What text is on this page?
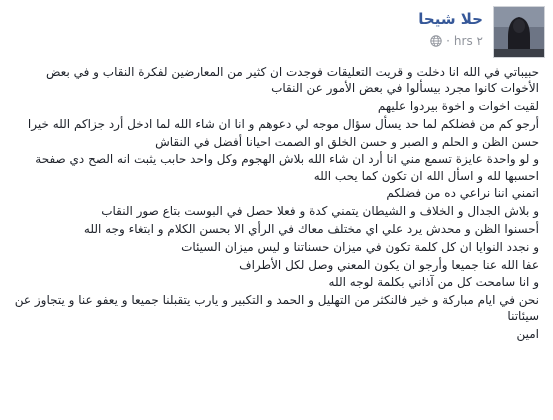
حلا شيحا
٢ hrs
·

حبيباتي في الله انا دخلت و قريت التعليقات فوجدت ان كثير من المعارضين لفكرة النقاب و في بعض الأخوات كانوا مجرد بيسألوا في بعض الأمور عن النقاب

لقيت اخوات و اخوة بيردوا عليهم

أرجو كم من فضلكم لما حد يسأل سؤال موجه لي دعوهم و انا ان شاء الله لما ادخل أرد جزاكم الله خيرا

حسن الظن و الحلم و الصبر و حسن الخلق او الصمت احيانا أفضل في النقاش

و لو واحدة عايزة تسمع مني انا أرد ان شاء الله بلاش الهجوم وكل واحد حابب يثبت انه الصح دي صفحة احسبها لله و اسأل الله ان تكون كما يحب الله

اتمني اننا نراعي ده من فضلكم

و بلاش الجدال و الخلاف و الشيطان يتمني كدة و فعلا حصل في البوست بتاع صور النقاب

أحسنوا الظن و محدش يرد علي اي مختلف معاك في الرأي الا بحسن الكلام و ابتغاء وجه الله

و نجدد النوايا ان كل كلمة تكون في ميزان حسناتنا و ليس ميزان السيئات

عفا الله عنا جميعا وأرجو ان يكون المعني وصل لكل الأطراف

و انا سامحت كل من آذاني بكلمة لوجه الله

نحن في ايام مباركة و خير فالنكثر من التهليل و الحمد و التكبير و يارب يتقبلنا جميعا و يعفو عنا و يتجاوز عن سيئاتنا

امين
